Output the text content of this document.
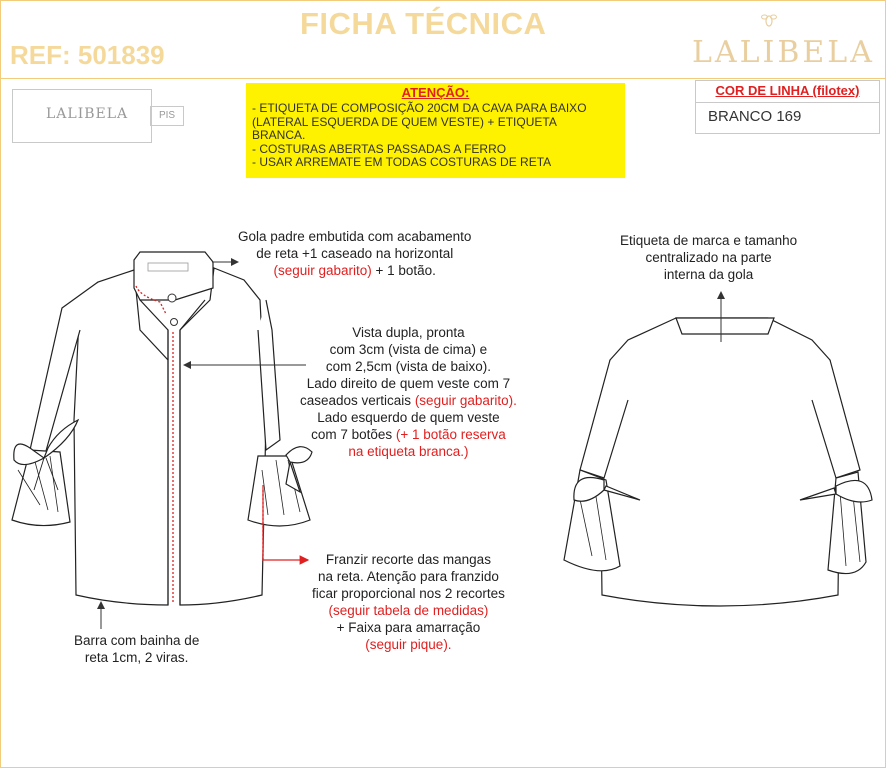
FICHA TÉCNICA
REF: 501839	LALIBELA
LALIBELA	PIS
ATENÇÃO:
- ETIQUETA DE COMPOSIÇÃO 20CM DA CAVA PARA BAIXO
(LATERAL ESQUERDA DE QUEM VESTE) + ETIQUETA
BRANCA.
- COSTURAS ABERTAS PASSADAS A FERRO
- USAR ARREMATE EM TODAS COSTURAS DE RETA
COR DE LINHA (filotex)
BRANCO 169
Gola padre embutida com acabamento
de reta +1 caseado na horizontal
(seguir gabarito) + 1 botão.
Vista dupla, pronta
com 3cm (vista de cima) e
com 2,5cm (vista de baixo).
Lado direito de quem veste com 7
caseados verticais (seguir gabarito).
Lado esquerdo de quem veste
com 7 botões (+ 1 botão reserva
na etiqueta branca.)
Franzir recorte das mangas
na reta. Atenção para franzido
ficar proporcional nos 2 recortes
(seguir tabela de medidas)
+ Faixa para amarração
(seguir pique).
Barra com bainha de
reta 1cm, 2 viras.
Etiqueta de marca e tamanho
centralizado na parte
interna da gola
